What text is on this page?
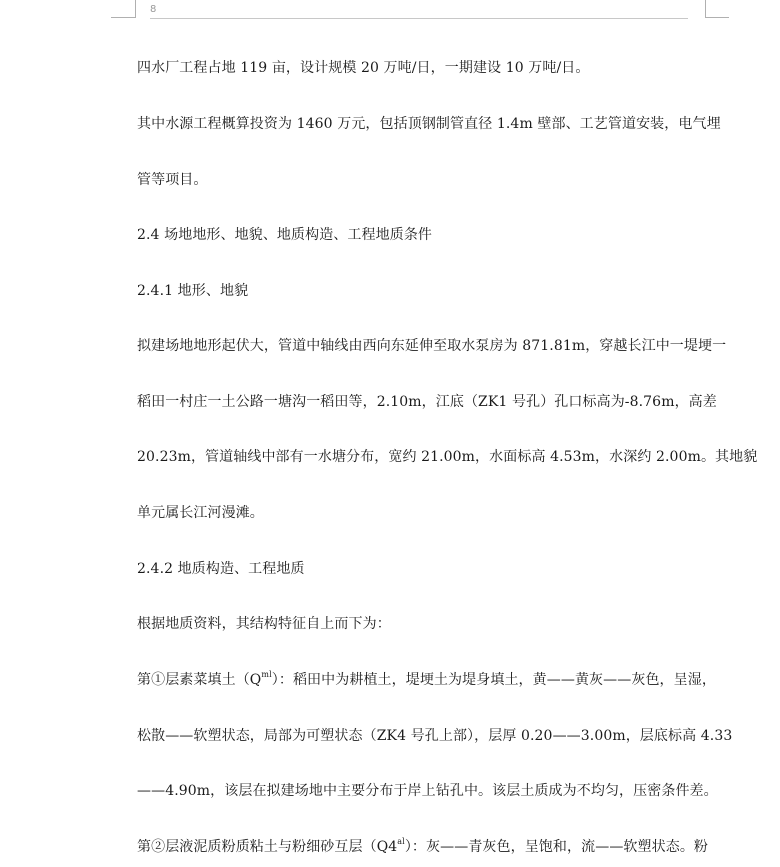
8
四水厂工程占地 119 亩，设计规模 20 万吨/日，一期建设 10 万吨/日。
其中水源工程概算投资为 1460 万元，包括顶钢制管直径 1.4m 壁部、工艺管道安装，电气埋
管等项目。
2.4 场地地形、地貌、地质构造、工程地质条件
2.4.1 地形、地貌
拟建场地地形起伏大，管道中轴线由西向东延伸至取水泵房为 871.81m，穿越长江中一堤埂一
稻田一村庄一土公路一塘沟一稻田等，2.10m，江底（ZK1 号孔）孔口标高为-8.76m，高差
20.23m，管道轴线中部有一水塘分布，宽约 21.00m，水面标高 4.53m，水深约 2.00m。其地貌
单元属长江河漫滩。
2.4.2 地质构造、工程地质
根据地质资料，其结构特征自上而下为：
第①层素菜填土$(Q^{ml})$：稻田中为耕植土，堤埂土为堤身填土，黄——黄灰——灰色，呈湿，
松散——软塑状态，局部为可塑状态（ZK4 号孔上部），层厚 0.20——3.00m，层底标高 4.33
——4.90m，该层在拟建场地中主要分布于岸上钻孔中。该层土质成为不均匀，压密条件差。
第②层液泥质粉质粘土与粉细砂互层$(Q4^{al})$：灰——青灰色，呈饱和，流——软塑状态。粉
